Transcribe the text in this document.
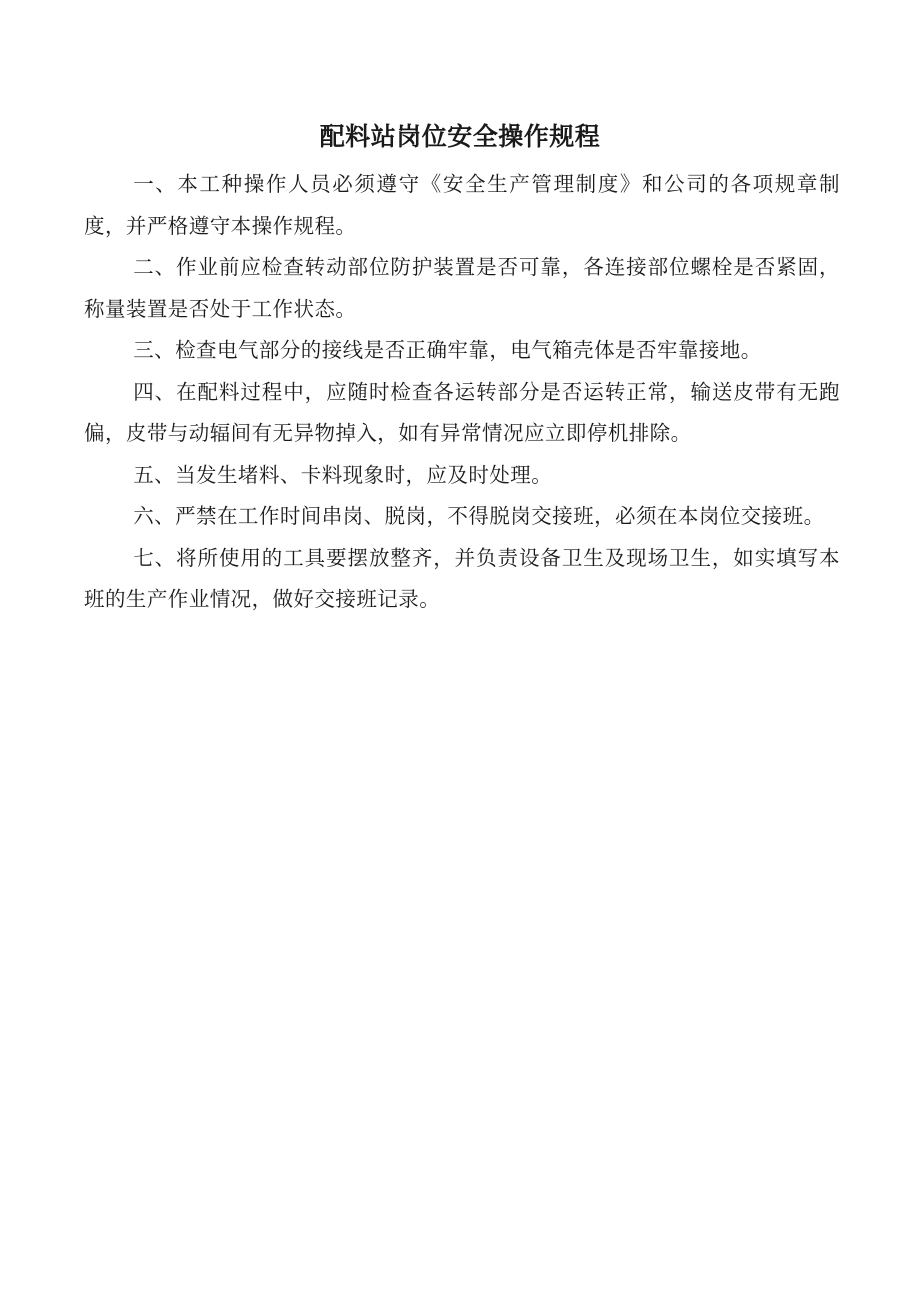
配料站岗位安全操作规程

一、本工种操作人员必须遵守《安全生产管理制度》和公司的各项规章制度，并严格遵守本操作规程。

二、作业前应检查转动部位防护装置是否可靠，各连接部位螺栓是否紧固，称量装置是否处于工作状态。

三、检查电气部分的接线是否正确牢靠，电气箱壳体是否牢靠接地。

四、在配料过程中，应随时检查各运转部分是否运转正常，输送皮带有无跑偏，皮带与动辐间有无异物掉入，如有异常情况应立即停机排除。

五、当发生堵料、卡料现象时，应及时处理。

六、严禁在工作时间串岗、脱岗，不得脱岗交接班，必须在本岗位交接班。

七、将所使用的工具要摆放整齐，并负责设备卫生及现场卫生，如实填写本班的生产作业情况，做好交接班记录。
